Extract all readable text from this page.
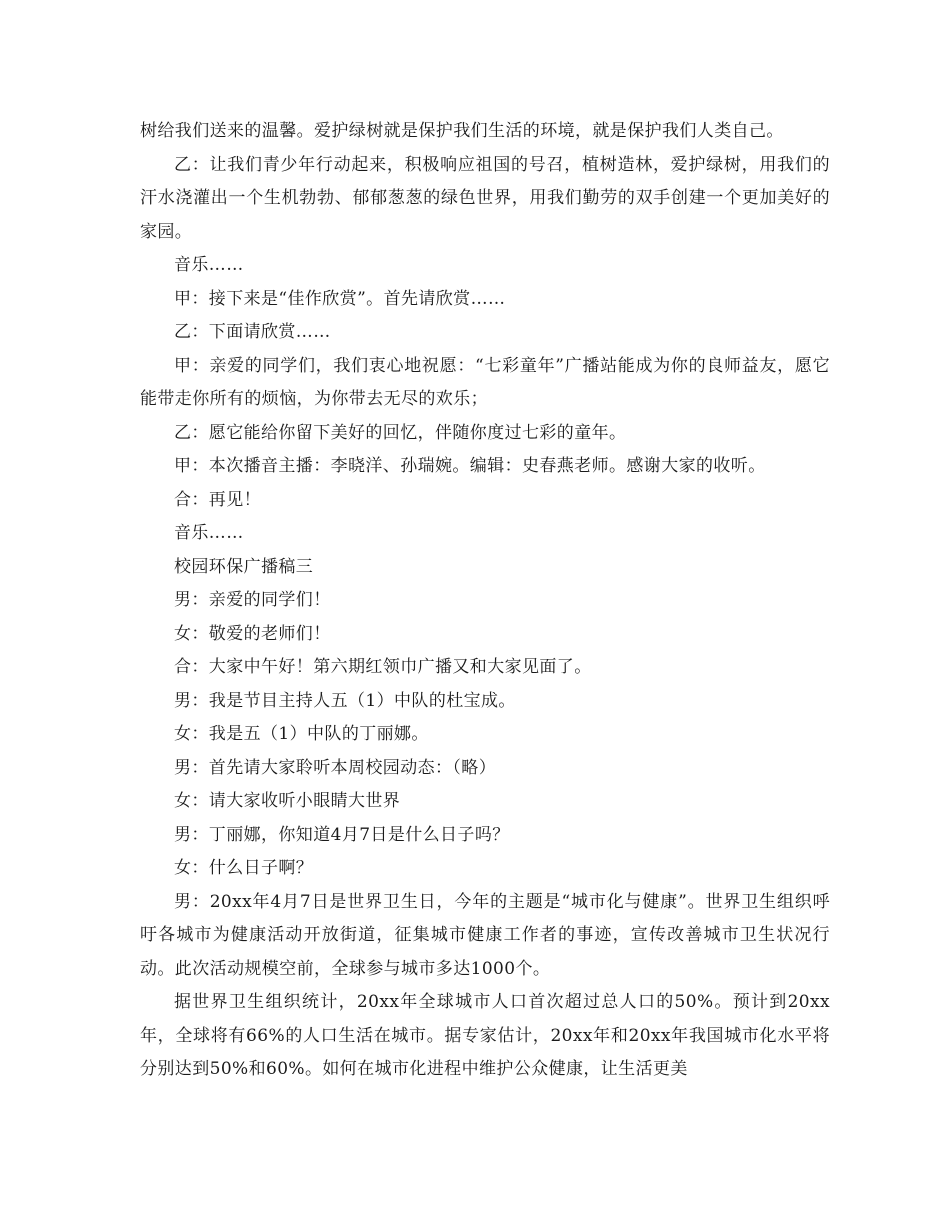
树给我们送来的温馨。爱护绿树就是保护我们生活的环境，就是保护我们人类自己。

乙：让我们青少年行动起来，积极响应祖国的号召，植树造林，爱护绿树，用我们的汗水浇灌出一个生机勃勃、郁郁葱葱的绿色世界，用我们勤劳的双手创建一个更加美好的家园。

音乐……

甲：接下来是“佳作欣赏”。首先请欣赏……

乙：下面请欣赏……

甲：亲爱的同学们，我们衷心地祝愿：“七彩童年”广播站能成为你的良师益友，愿它能带走你所有的烦恼，为你带去无尽的欢乐；

乙：愿它能给你留下美好的回忆，伴随你度过七彩的童年。

甲：本次播音主播：李晓洋、孙瑞婉。编辑：史春燕老师。感谢大家的收听。

合：再见！

音乐……

校园环保广播稿三

男：亲爱的同学们！

女：敬爱的老师们！

合：大家中午好！第六期红领巾广播又和大家见面了。

男：我是节目主持人五（1）中队的杜宝成。

女：我是五（1）中队的丁丽娜。

男：首先请大家聆听本周校园动态：（略）

女：请大家收听小眼睛大世界

男：丁丽娜，你知道4月7日是什么日子吗？

女：什么日子啊？

男：20xx年4月7日是世界卫生日，今年的主题是“城市化与健康”。世界卫生组织呼吁各城市为健康活动开放街道，征集城市健康工作者的事迹，宣传改善城市卫生状况行动。此次活动规模空前，全球参与城市多达1000个。

据世界卫生组织统计，20xx年全球城市人口首次超过总人口的50%。预计到20xx年，全球将有66%的人口生活在城市。据专家估计，20xx年和20xx年我国城市化水平将分别达到50%和60%。如何在城市化进程中维护公众健康，让生活更美
